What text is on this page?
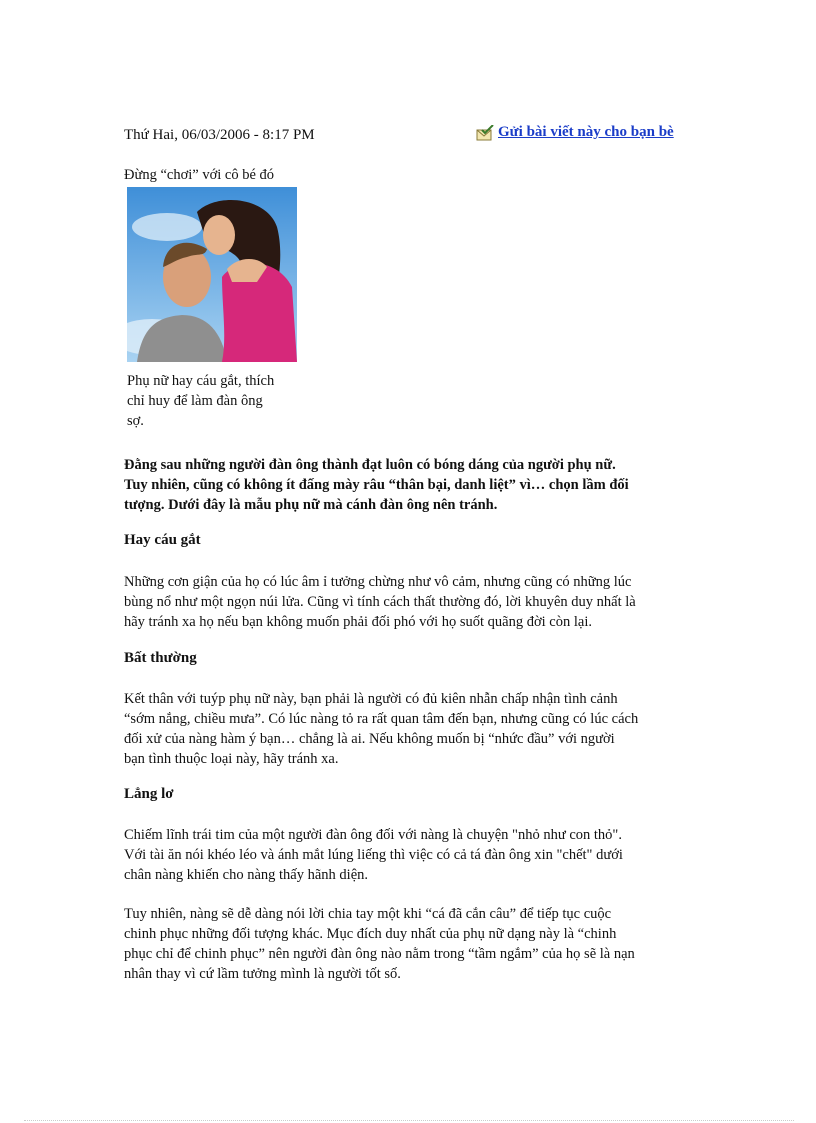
Thứ Hai, 06/03/2006 - 8:17 PM	Gửi bài viết này cho bạn bè
Đừng “chơi” với cô bé đó
Phụ nữ hay cáu gắt, thích
chỉ huy để làm đàn ông
sợ.
Đằng sau những người đàn ông thành đạt luôn có bóng dáng của người phụ nữ.
Tuy nhiên, cũng có không ít đấng mày râu “thân bại, danh liệt” vì… chọn lầm đối
tượng. Dưới đây là mẫu phụ nữ mà cánh đàn ông nên tránh.
Hay cáu gắt
Những cơn giận của họ có lúc âm ỉ tưởng chừng như vô cảm, nhưng cũng có những lúc
bùng nổ như một ngọn núi lửa. Cũng vì tính cách thất thường đó, lời khuyên duy nhất là
hãy tránh xa họ nếu bạn không muốn phải đối phó với họ suốt quãng đời còn lại.
Bất thường
Kết thân với tuýp phụ nữ này, bạn phải là người có đủ kiên nhẫn chấp nhận tình cảnh
“sớm nắng, chiều mưa”. Có lúc nàng tỏ ra rất quan tâm đến bạn, nhưng cũng có lúc cách
đối xử của nàng hàm ý bạn… chẳng là ai. Nếu không muốn bị “nhức đầu” với người
bạn tình thuộc loại này, hãy tránh xa.
Lẳng lơ
Chiếm lĩnh trái tim của một người đàn ông đối với nàng là chuyện "nhỏ như con thỏ".
Với tài ăn nói khéo léo và ánh mắt lúng liếng thì việc có cả tá đàn ông xin "chết" dưới
chân nàng khiến cho nàng thấy hãnh diện.
Tuy nhiên, nàng sẽ dễ dàng nói lời chia tay một khi “cá đã cắn câu” để tiếp tục cuộc
chinh phục những đối tượng khác. Mục đích duy nhất của phụ nữ dạng này là “chinh
phục chỉ để chinh phục” nên người đàn ông nào nằm trong “tầm ngắm” của họ sẽ là nạn
nhân thay vì cứ lầm tưởng mình là người tốt số.
